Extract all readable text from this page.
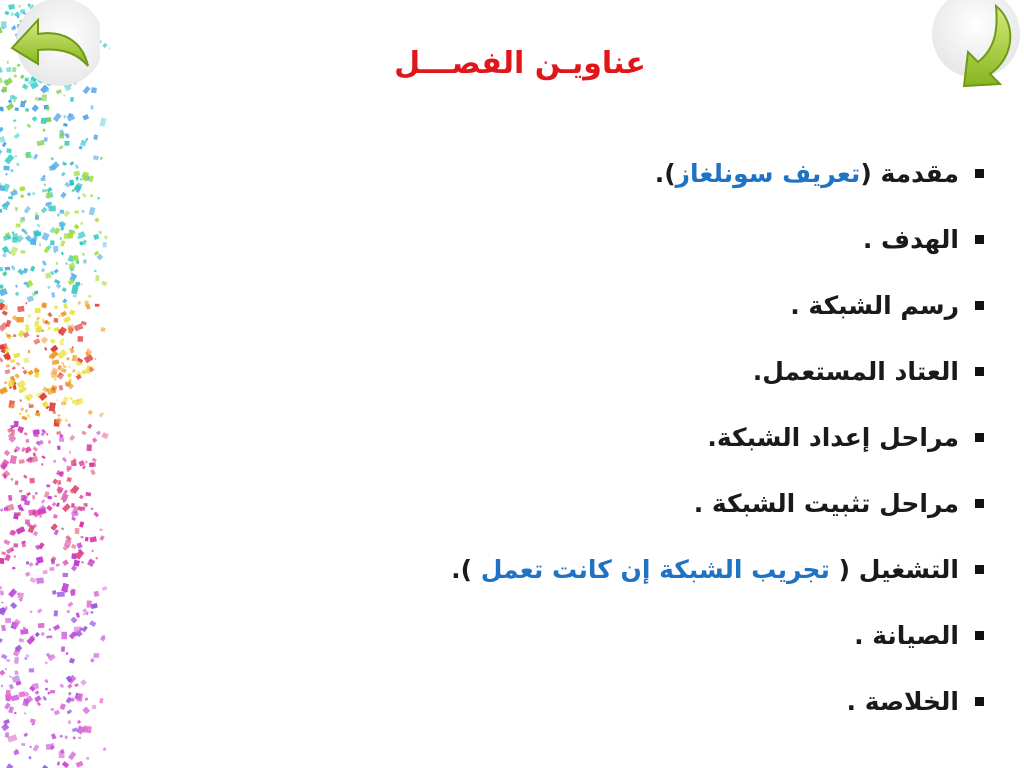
عناويـن الفصـــل
مقدمة (تعريف سونلغاز).
الهدف .
رسم الشبكة .
العتاد المستعمل.
مراحل إعداد الشبكة.
مراحل تثبيت الشبكة .
التشغيل ( تجريب الشبكة إن كانت تعمل ).
الصيانة .
الخلاصة .
